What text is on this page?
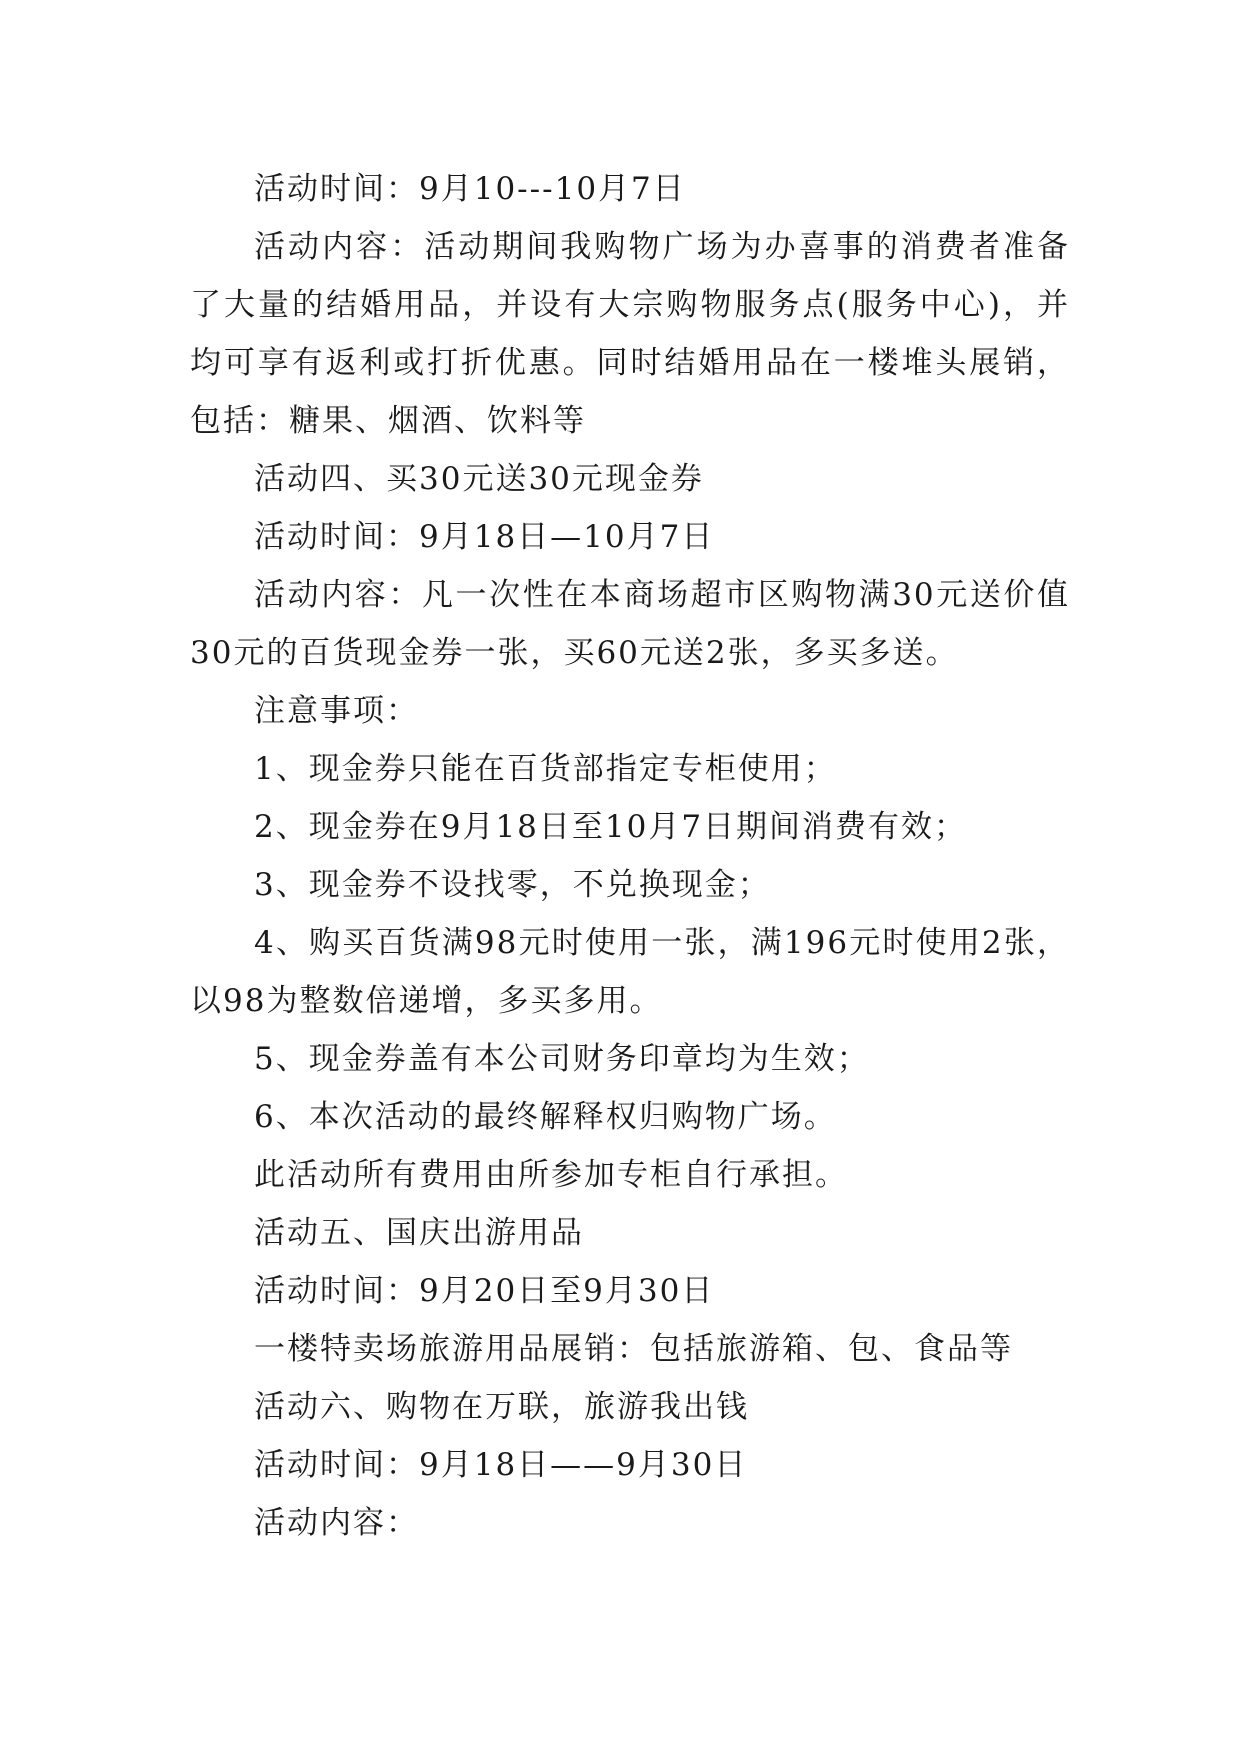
活动时间：9月10---10月7日

活动内容：活动期间我购物广场为办喜事的消费者准备了大量的结婚用品，并设有大宗购物服务点(服务中心)，并均可享有返利或打折优惠。同时结婚用品在一楼堆头展销，包括：糖果、烟酒、饮料等

活动四、买30元送30元现金券

活动时间：9月18日—10月7日

活动内容：凡一次性在本商场超市区购物满30元送价值30元的百货现金券一张，买60元送2张，多买多送。

注意事项：

1、现金券只能在百货部指定专柜使用；

2、现金券在9月18日至10月7日期间消费有效；

3、现金券不设找零，不兑换现金；

4、购买百货满98元时使用一张，满196元时使用2张，以98为整数倍递增，多买多用。

5、现金券盖有本公司财务印章均为生效；

6、本次活动的最终解释权归购物广场。

此活动所有费用由所参加专柜自行承担。

活动五、国庆出游用品

活动时间：9月20日至9月30日

一楼特卖场旅游用品展销：包括旅游箱、包、食品等

活动六、购物在万联，旅游我出钱

活动时间：9月18日——9月30日

活动内容：
